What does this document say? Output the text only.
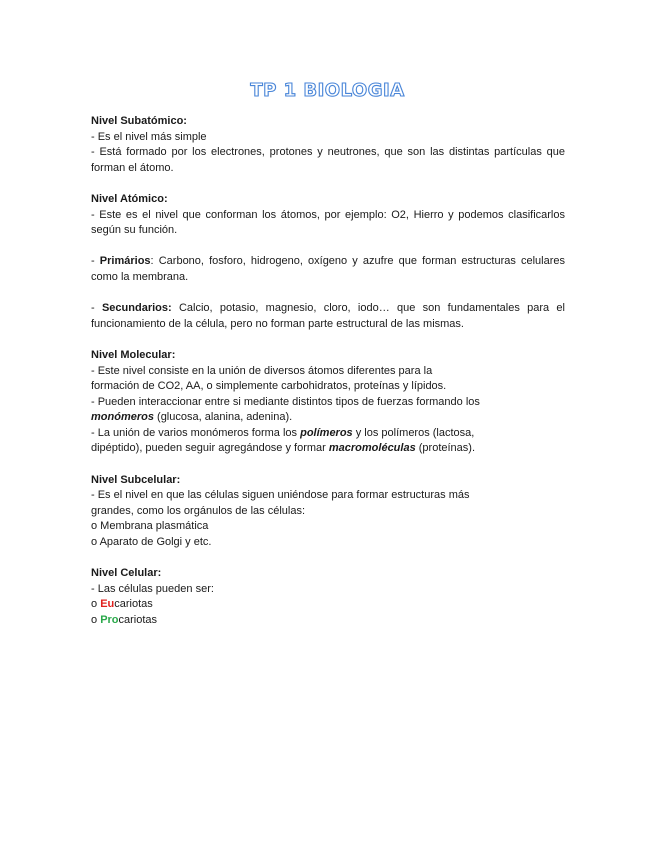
TP 1 BIOLOGIA

Nivel Subatómico:

- Es el nivel más simple

- Está formado por los electrones, protones y neutrones, que son las distintas partículas que forman el átomo.

Nivel Atómico:

- Este es el nivel que conforman los átomos, por ejemplo: O2, Hierro y podemos clasificarlos según su función.

- Primários: Carbono, fosforo, hidrogeno, oxígeno y azufre que forman estructuras celulares como la membrana.

- Secundarios: Calcio, potasio, magnesio, cloro, iodo… que son fundamentales para el funcionamiento de la célula, pero no forman parte estructural de las mismas.

Nivel Molecular:

- Este nivel consiste en la unión de diversos átomos diferentes para la

formación de CO2, AA, o simplemente carbohidratos, proteínas y lípidos.

- Pueden interaccionar entre si mediante distintos tipos de fuerzas formando los

monómeros (glucosa, alanina, adenina).

- La unión de varios monómeros forma los polímeros y los polímeros (lactosa,

dipéptido), pueden seguir agregándose y formar macromoléculas (proteínas).

Nivel Subcelular:

- Es el nivel en que las células siguen uniéndose para formar estructuras más

grandes, como los orgánulos de las células:

o Membrana plasmática

o Aparato de Golgi y etc.

Nivel Celular:

- Las células pueden ser:

o Eucariotas

o Procariotas
